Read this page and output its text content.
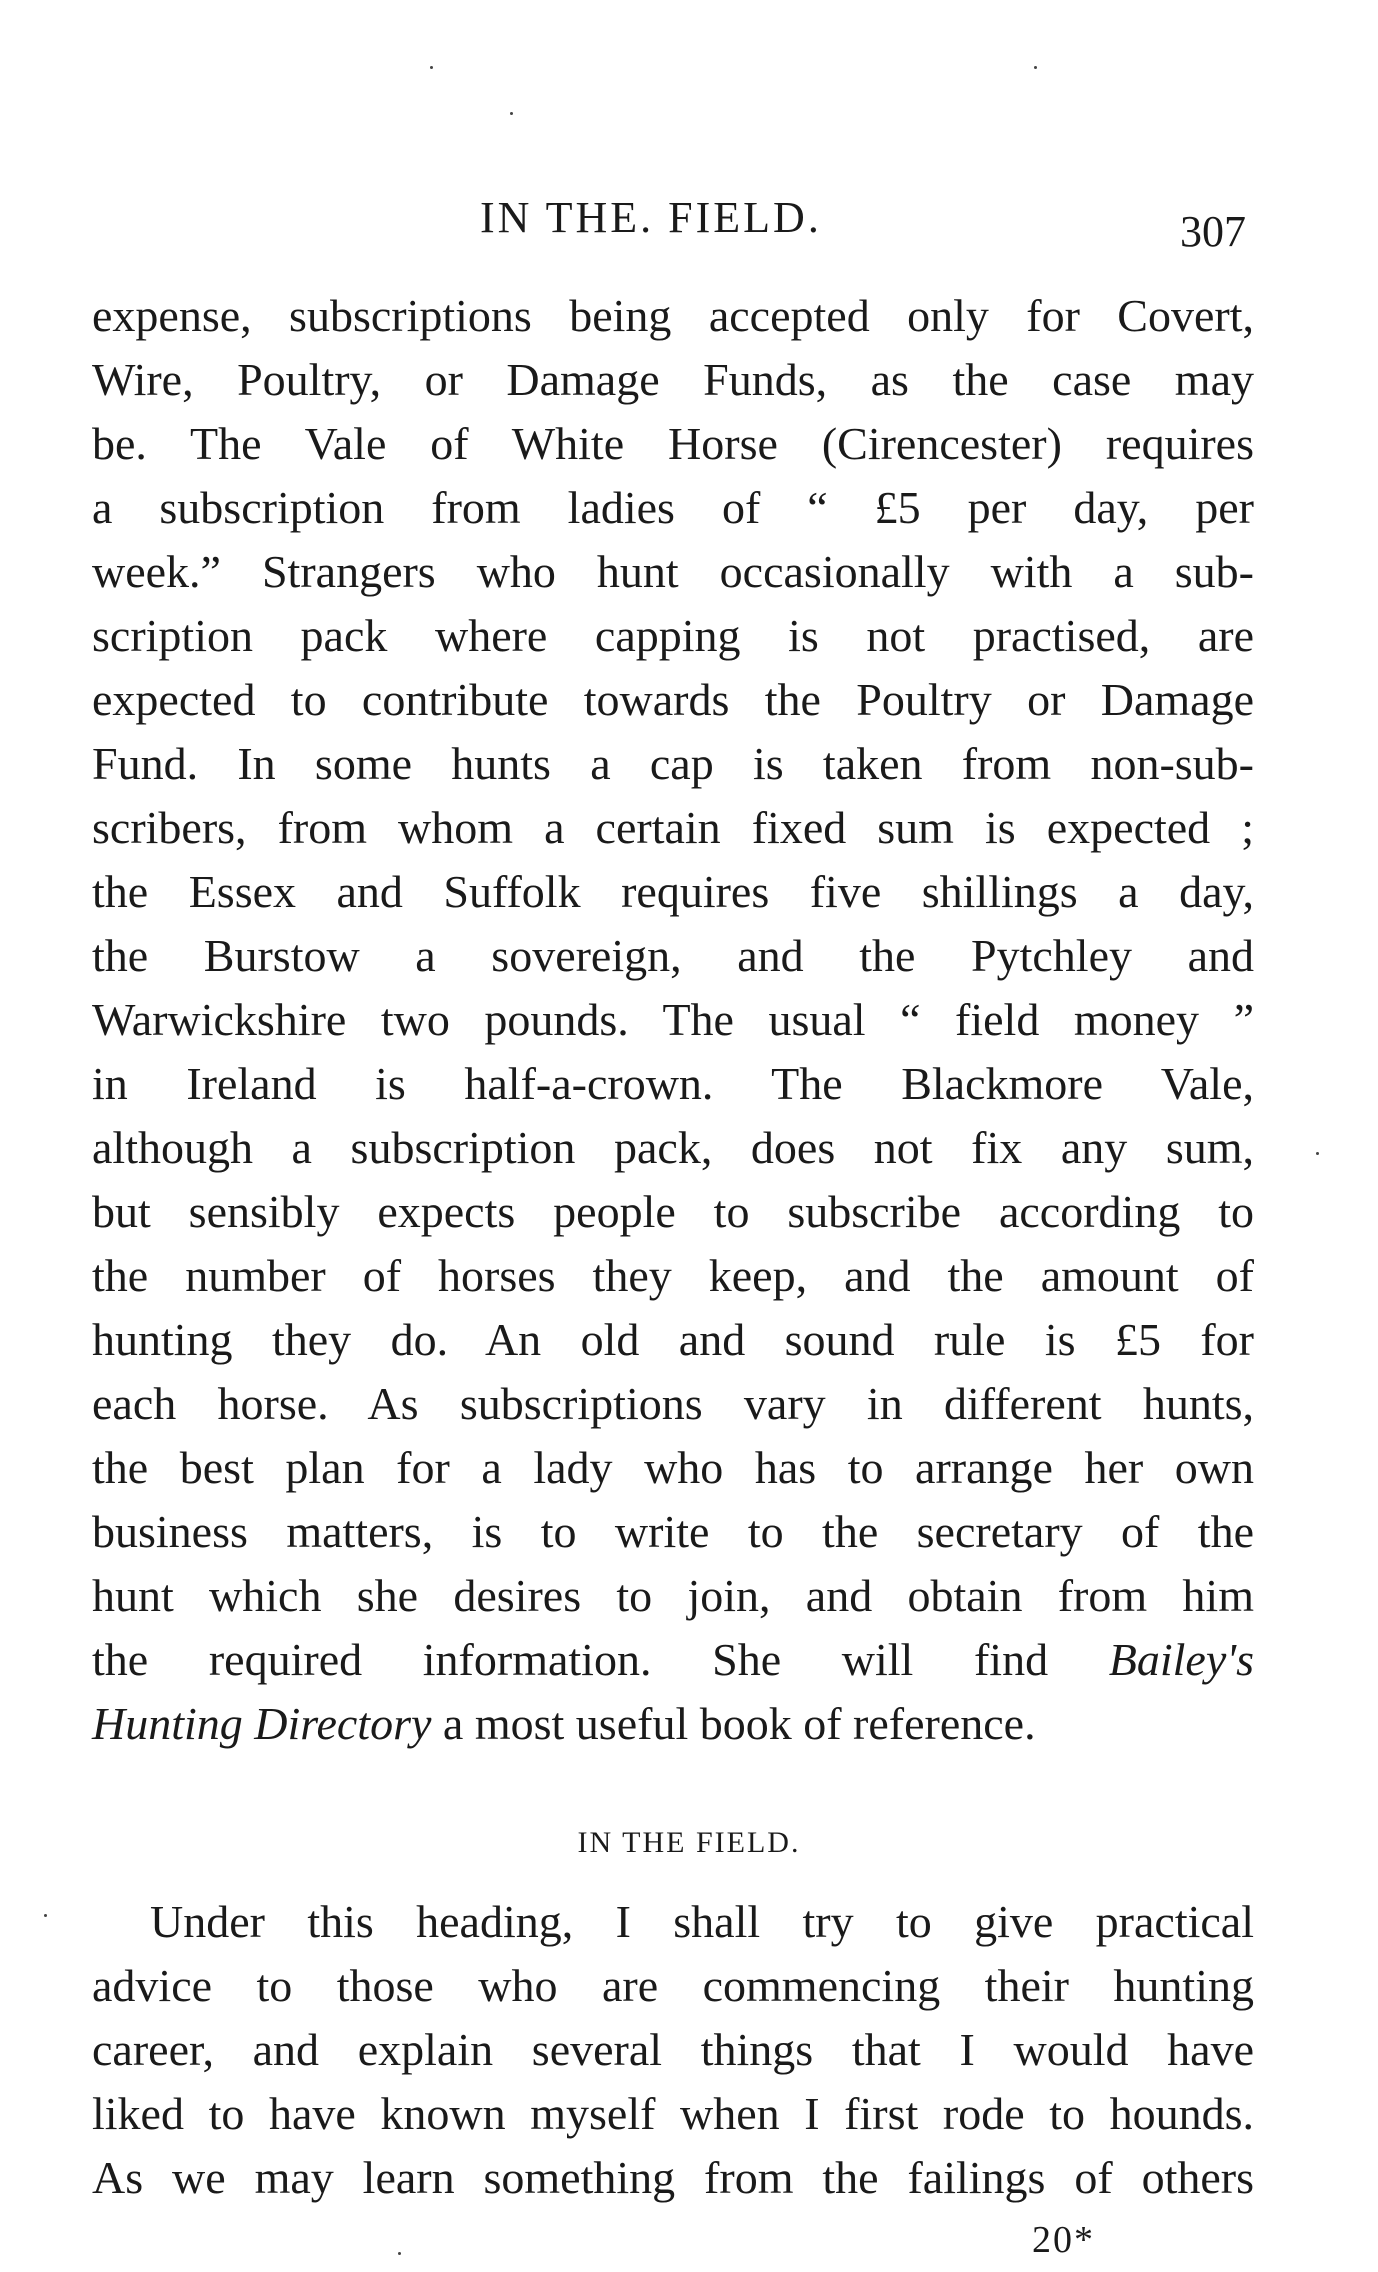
IN THE. FIELD.	307
expense, subscriptions being accepted only for Covert,
Wire, Poultry, or Damage Funds, as the case may
be. The Vale of White Horse (Cirencester) requires
a subscription from ladies of “ £5 per day, per
week.” Strangers who hunt occasionally with a sub-
scription pack where capping is not practised, are
expected to contribute towards the Poultry or Damage
Fund. In some hunts a cap is taken from non-sub-
scribers, from whom a certain fixed sum is expected ;
the Essex and Suffolk requires five shillings a day,
the Burstow a sovereign, and the Pytchley and
Warwickshire two pounds. The usual “ field money ”
in Ireland is half-a-crown. The Blackmore Vale,
although a subscription pack, does not fix any sum,
but sensibly expects people to subscribe according to
the number of horses they keep, and the amount of
hunting they do. An old and sound rule is £5 for
each horse. As subscriptions vary in different hunts,
the best plan for a lady who has to arrange her own
business matters, is to write to the secretary of the
hunt which she desires to join, and obtain from him
the required information. She will find Bailey's
Hunting Directory a most useful book of reference.
IN THE FIELD.
Under this heading, I shall try to give practical
advice to those who are commencing their hunting
career, and explain several things that I would have
liked to have known myself when I first rode to hounds.
As we may learn something from the failings of others
20*
